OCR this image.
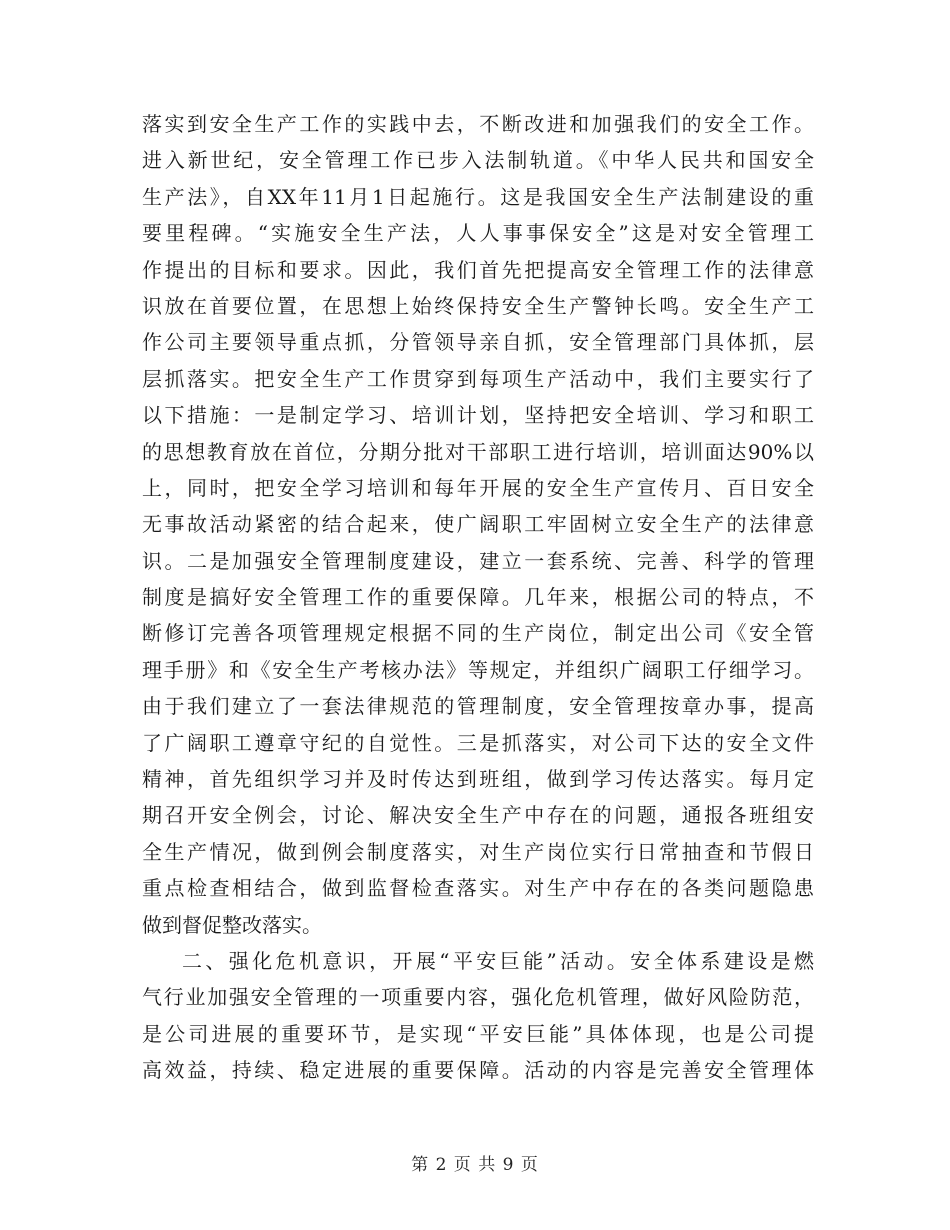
落实到安全生产工作的实践中去，不断改进和加强我们的安全工作。
进入新世纪，安全管理工作已步入法制轨道。《中华人民共和国安全
生产法》，自XX年11月1日起施行。这是我国安全生产法制建设的重
要里程碑。“实施安全生产法，人人事事保安全”这是对安全管理工
作提出的目标和要求。因此，我们首先把提高安全管理工作的法律意
识放在首要位置，在思想上始终保持安全生产警钟长鸣。安全生产工
作公司主要领导重点抓，分管领导亲自抓，安全管理部门具体抓，层
层抓落实。把安全生产工作贯穿到每项生产活动中，我们主要实行了
以下措施：一是制定学习、培训计划，坚持把安全培训、学习和职工
的思想教育放在首位，分期分批对干部职工进行培训，培训面达90%以
上，同时，把安全学习培训和每年开展的安全生产宣传月、百日安全
无事故活动紧密的结合起来，使广阔职工牢固树立安全生产的法律意
识。二是加强安全管理制度建设，建立一套系统、完善、科学的管理
制度是搞好安全管理工作的重要保障。几年来，根据公司的特点，不
断修订完善各项管理规定根据不同的生产岗位，制定出公司《安全管
理手册》和《安全生产考核办法》等规定，并组织广阔职工仔细学习。
由于我们建立了一套法律规范的管理制度，安全管理按章办事，提高
了广阔职工遵章守纪的自觉性。三是抓落实，对公司下达的安全文件
精神，首先组织学习并及时传达到班组，做到学习传达落实。每月定
期召开安全例会，讨论、解决安全生产中存在的问题，通报各班组安
全生产情况，做到例会制度落实，对生产岗位实行日常抽查和节假日
重点检查相结合，做到监督检查落实。对生产中存在的各类问题隐患
做到督促整改落实。
二、强化危机意识，开展“平安巨能”活动。安全体系建设是燃
气行业加强安全管理的一项重要内容，强化危机管理，做好风险防范，
是公司进展的重要环节，是实现“平安巨能”具体体现，也是公司提
高效益，持续、稳定进展的重要保障。活动的内容是完善安全管理体
第 2 页 共 9 页
